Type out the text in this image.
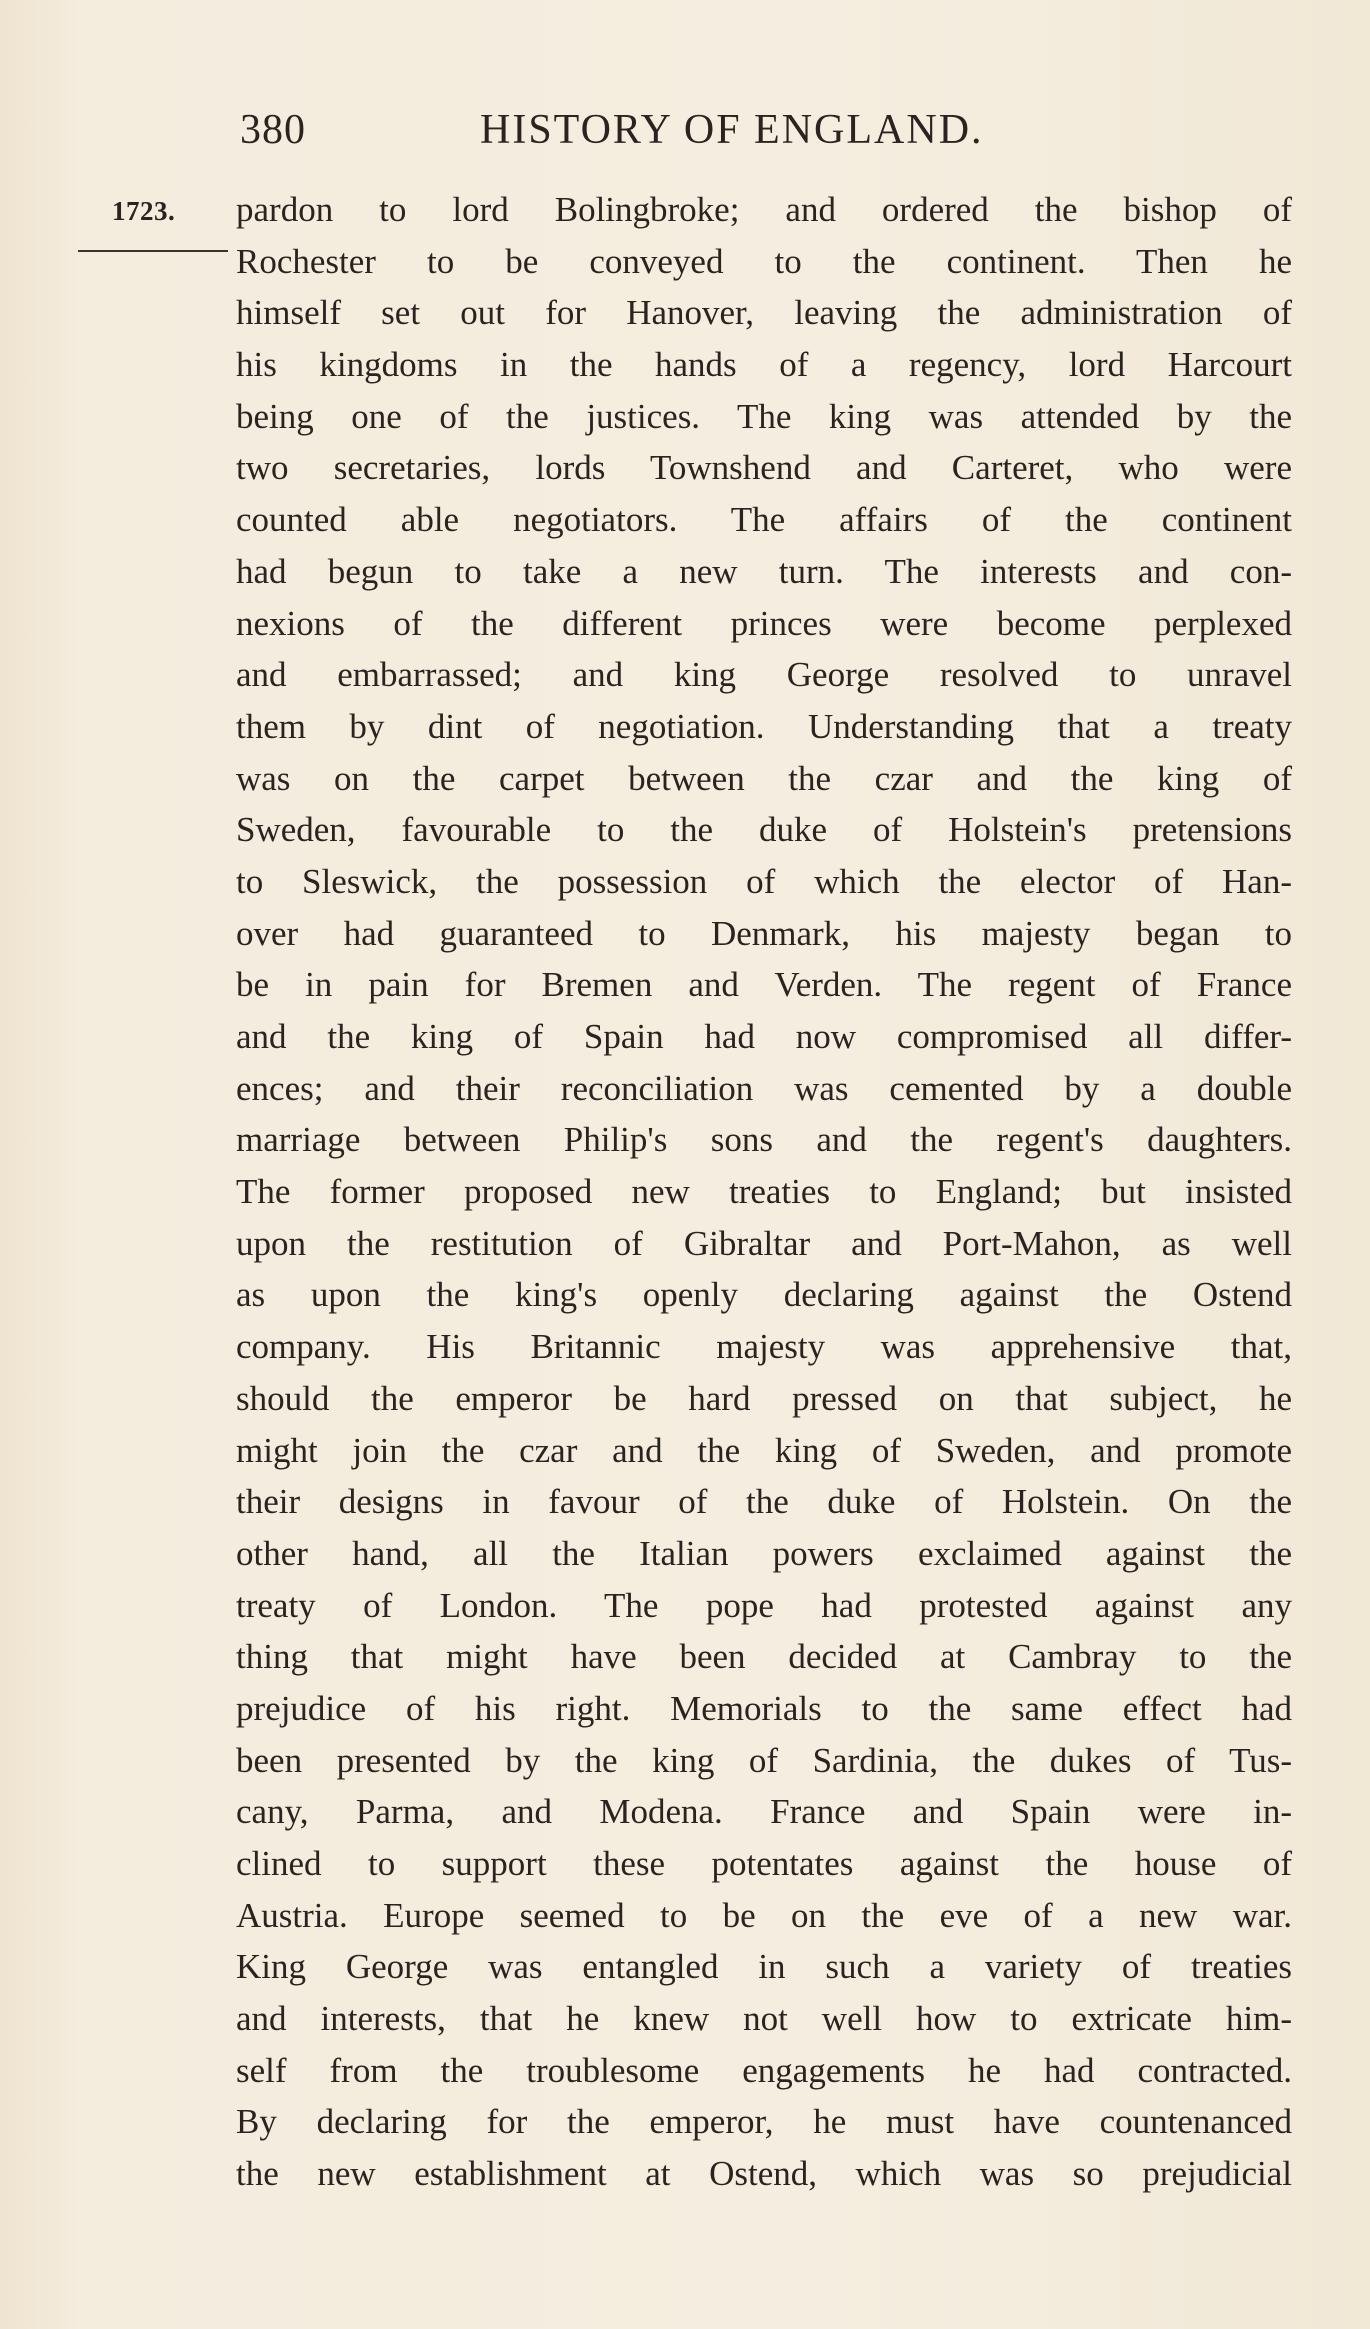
380	HISTORY OF ENGLAND.
1723. pardon to lord Bolingbroke; and ordered the bishop of
Rochester to be conveyed to the continent. Then he
himself set out for Hanover, leaving the administration of
his kingdoms in the hands of a regency, lord Harcourt
being one of the justices. The king was attended by the
two secretaries, lords Townshend and Carteret, who were
counted able negotiators. The affairs of the continent
had begun to take a new turn. The interests and con-
nexions of the different princes were become perplexed
and embarrassed; and king George resolved to unravel
them by dint of negotiation. Understanding that a treaty
was on the carpet between the czar and the king of
Sweden, favourable to the duke of Holstein's pretensions
to Sleswick, the possession of which the elector of Han-
over had guaranteed to Denmark, his majesty began to
be in pain for Bremen and Verden. The regent of France
and the king of Spain had now compromised all differ-
ences; and their reconciliation was cemented by a double
marriage between Philip's sons and the regent's daughters.
The former proposed new treaties to England; but insisted
upon the restitution of Gibraltar and Port-Mahon, as well
as upon the king's openly declaring against the Ostend
company. His Britannic majesty was apprehensive that,
should the emperor be hard pressed on that subject, he
might join the czar and the king of Sweden, and promote
their designs in favour of the duke of Holstein. On the
other hand, all the Italian powers exclaimed against the
treaty of London. The pope had protested against any
thing that might have been decided at Cambray to the
prejudice of his right. Memorials to the same effect had
been presented by the king of Sardinia, the dukes of Tus-
cany, Parma, and Modena. France and Spain were in-
clined to support these potentates against the house of
Austria. Europe seemed to be on the eve of a new war.
King George was entangled in such a variety of treaties
and interests, that he knew not well how to extricate him-
self from the troublesome engagements he had contracted.
By declaring for the emperor, he must have countenanced
the new establishment at Ostend, which was so prejudicial
